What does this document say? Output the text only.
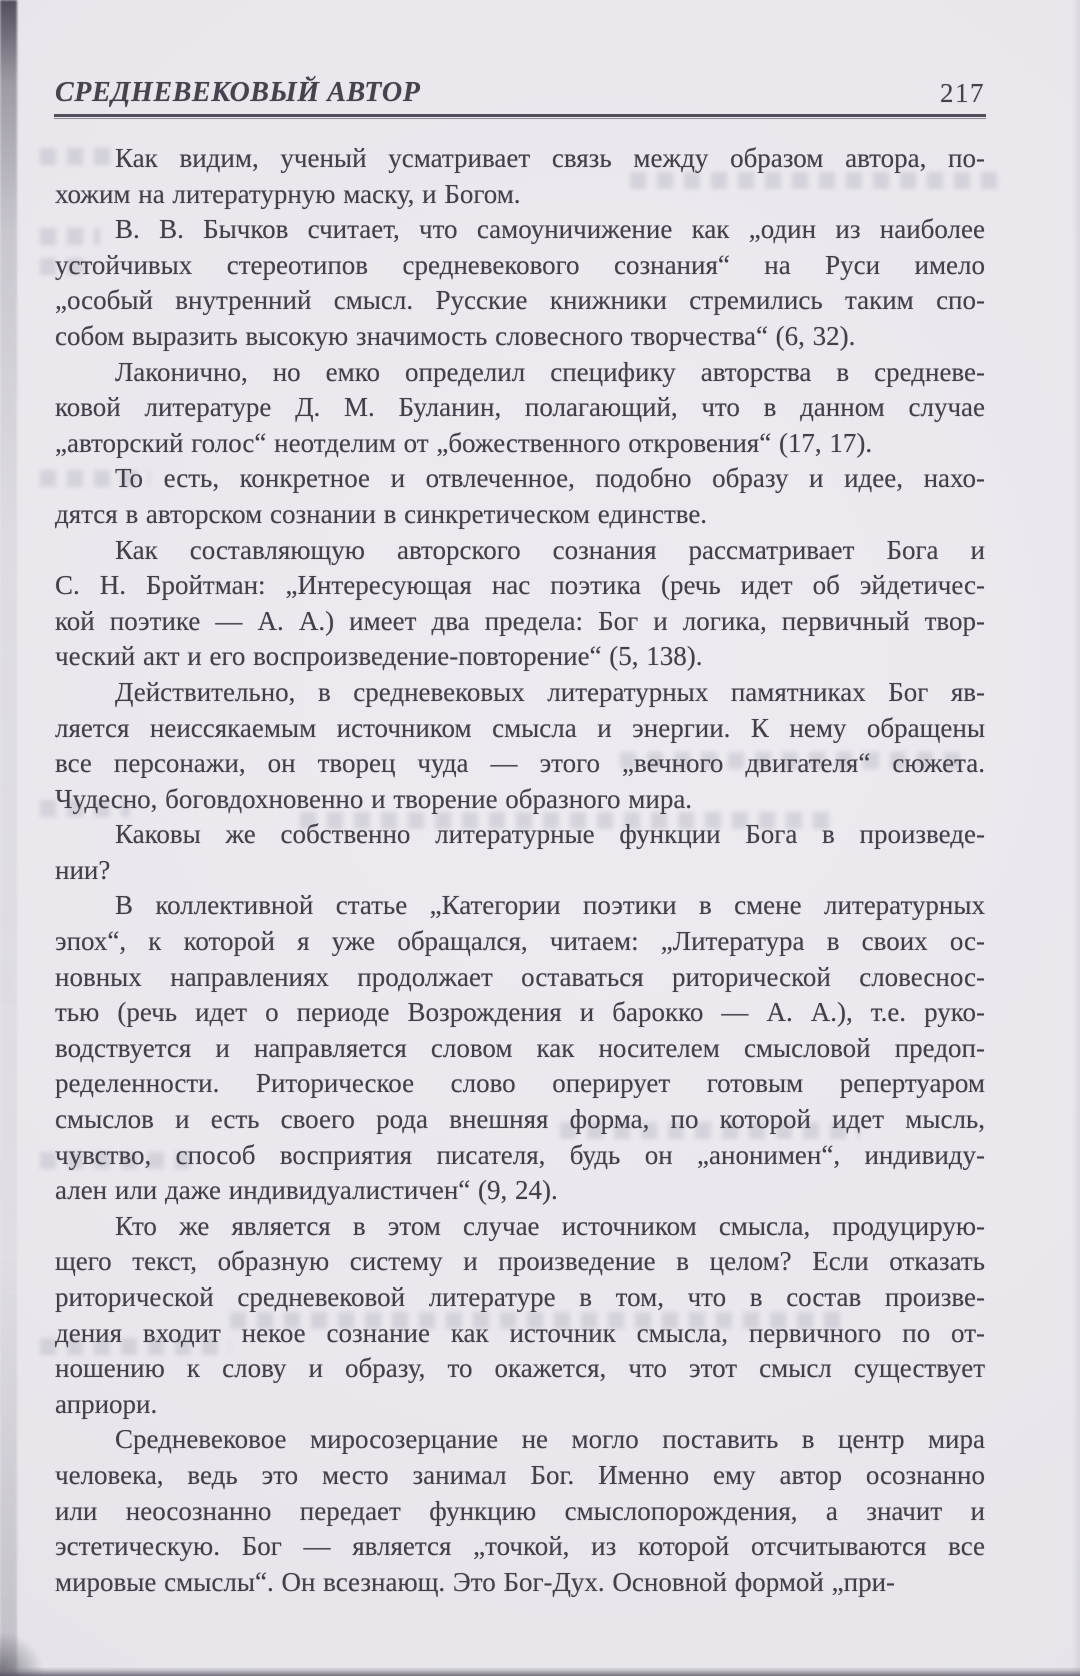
СРЕДНЕВЕКОВЫЙ АВТОР	217
Как видим, ученый усматривает связь между образом автора, по-
хожим на литературную маску, и Богом.
В. В. Бычков считает, что самоуничижение как „один из наиболее
устойчивых стереотипов средневекового сознания“ на Руси имело
„особый внутренний смысл. Русские книжники стремились таким спо-
собом выразить высокую значимость словесного творчества“ (6, 32).
Лаконично, но емко определил специфику авторства в средневе-
ковой литературе Д. М. Буланин, полагающий, что в данном случае
„авторский голос“ неотделим от „божественного откровения“ (17, 17).
То есть, конкретное и отвлеченное, подобно образу и идее, нахо-
дятся в авторском сознании в синкретическом единстве.
Как составляющую авторского сознания рассматривает Бога и
С. Н. Бройтман: „Интересующая нас поэтика (речь идет об эйдетичес-
кой поэтике — А. А.) имеет два предела: Бог и логика, первичный твор-
ческий акт и его воспроизведение-повторение“ (5, 138).
Действительно, в средневековых литературных памятниках Бог яв-
ляется неиссякаемым источником смысла и энергии. К нему обращены
все персонажи, он творец чуда — этого „вечного двигателя“ сюжета.
Чудесно, боговдохновенно и творение образного мира.
Каковы же собственно литературные функции Бога в произведе-
нии?
В коллективной статье „Категории поэтики в смене литературных
эпох“, к которой я уже обращался, читаем: „Литература в своих ос-
новных направлениях продолжает оставаться риторической словеснос-
тью (речь идет о периоде Возрождения и барокко — А. А.), т.е. руко-
водствуется и направляется словом как носителем смысловой предоп-
ределенности. Риторическое слово оперирует готовым репертуаром
смыслов и есть своего рода внешняя форма, по которой идет мысль,
чувство, способ восприятия писателя, будь он „анонимен“, индивиду-
ален или даже индивидуалистичен“ (9, 24).
Кто же является в этом случае источником смысла, продуцирую-
щего текст, образную систему и произведение в целом? Если отказать
риторической средневековой литературе в том, что в состав произве-
дения входит некое сознание как источник смысла, первичного по от-
ношению к слову и образу, то окажется, что этот смысл существует
априори.
Средневековое миросозерцание не могло поставить в центр мира
человека, ведь это место занимал Бог. Именно ему автор осознанно
или неосознанно передает функцию смыслопорождения, а значит и
эстетическую. Бог — является „точкой, из которой отсчитываются все
мировые смыслы“. Он всезнающ. Это Бог-Дух. Основной формой „при-
